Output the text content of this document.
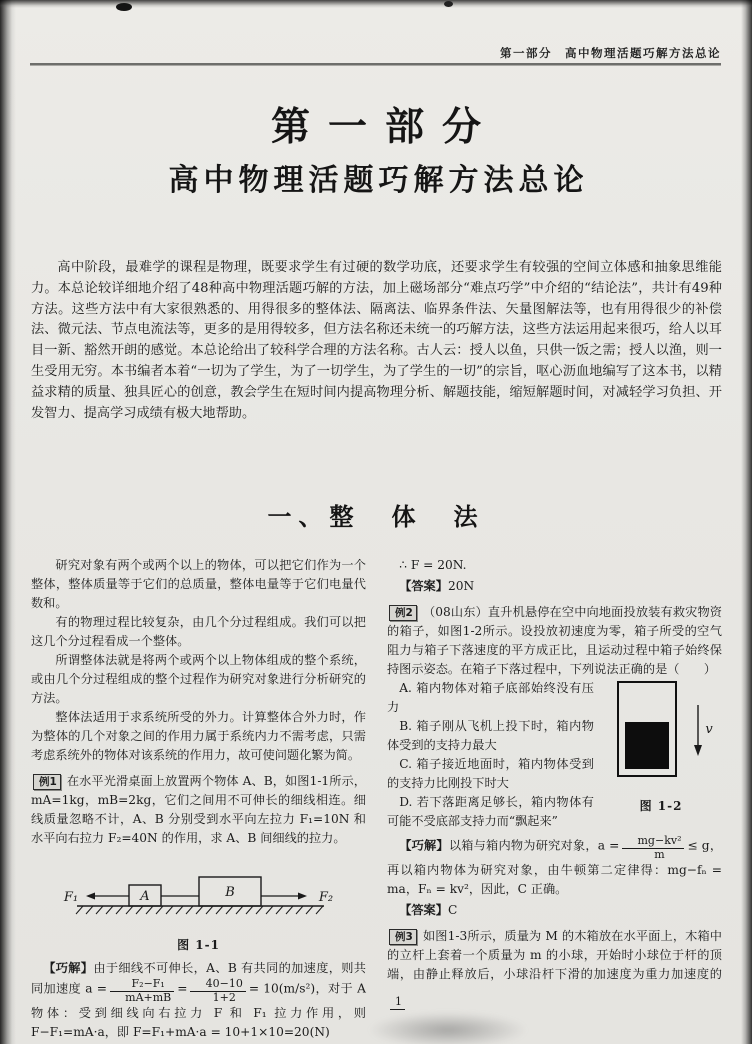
第一部分　高中物理活题巧解方法总论
第一部分
高中物理活题巧解方法总论

高中阶段，最难学的课程是物理，既要求学生有过硬的数学功底，还要求学生有较强的空间立体感和抽象思维能力。本总论较详细地介绍了48种高中物理活题巧解的方法，加上磁场部分“难点巧学”中介绍的“结论法”，共计有49种方法。这些方法中有大家很熟悉的、用得很多的整体法、隔离法、临界条件法、矢量图解法等，也有用得很少的补偿法、微元法、节点电流法等，更多的是用得较多，但方法名称还未统一的巧解方法，这些方法运用起来很巧，给人以耳目一新、豁然开朗的感觉。本总论给出了较科学合理的方法名称。古人云：授人以鱼，只供一饭之需；授人以渔，则一生受用无穷。本书编者本着“一切为了学生，为了一切学生，为了学生的一切”的宗旨，呕心沥血地编写了这本书，以精益求精的质量、独具匠心的创意，教会学生在短时间内提高物理分析、解题技能，缩短解题时间，对减轻学习负担、开发智力、提高学习成绩有极大地帮助。

一、整　体　法

研究对象有两个或两个以上的物体，可以把它们作为一个整体，整体质量等于它们的总质量，整体电量等于它们电量代数和。

有的物理过程比较复杂，由几个分过程组成。我们可以把这几个分过程看成一个整体。

所谓整体法就是将两个或两个以上物体组成的整个系统，或由几个分过程组成的整个过程作为研究对象进行分析研究的方法。

整体法适用于求系统所受的外力。计算整体合外力时，作为整体的几个对象之间的作用力属于系统内力不需考虑，只需考虑系统外的物体对该系统的作用力，故可使问题化繁为简。

例1 在水平光滑桌面上放置两个物体 A、B，如图1-1所示，mA=1kg，mB=2kg，它们之间用不可伸长的细线相连。细线质量忽略不计，A、B 分别受到水平向左拉力 F₁=10N 和水平向右拉力 F₂=40N 的作用，求 A、B 间细线的拉力。

F₁	F₂
A	B
图 1-1

【巧解】由于细线不可伸长，A、B 有共同的加速度，则共同加速度 $a = \frac{\text{F₂−F₁}}{mA+mB} = \frac{40-10}{1+2} = 10(m/s^2)$，对于 A 物体：受到细线向右拉力 F 和 F₁ 拉力作用，则 F−F₁=mA·a，即 F=F₁+mA·a = 10+1×10=20(N)

∴ F = 20N.

【答案】20N

例2 （08山东）直升机悬停在空中向地面投放装有救灾物资的箱子，如图1-2所示。设投放初速度为零，箱子所受的空气阻力与箱子下落速度的平方成正比，且运动过程中箱子始终保持图示姿态。在箱子下落过程中，下列说法正确的是（　　）

v
图 1-2

A. 箱内物体对箱子底部始终没有压力

B. 箱子刚从飞机上投下时，箱内物体受到的支持力最大

C. 箱子接近地面时，箱内物体受到的支持力比刚投下时大

D. 若下落距离足够长，箱内物体有可能不受底部支持力而“飘起来”

【巧解】以箱与箱内物为研究对象，$a = \frac{\text{mg−kv²}}{m} \le g$，再以箱内物体为研究对象，由牛顿第二定律得：mg−fₙ = ma，Fₙ = kv²，因此，C 正确。

【答案】C

例3 如图1-3所示，质量为 M 的木箱放在水平面上，木箱中的立杆上套着一个质量为 m 的小球，开始时小球位于杆的顶端，由静止释放后，小球沿杆下滑的加速度为重力加速度的
1
